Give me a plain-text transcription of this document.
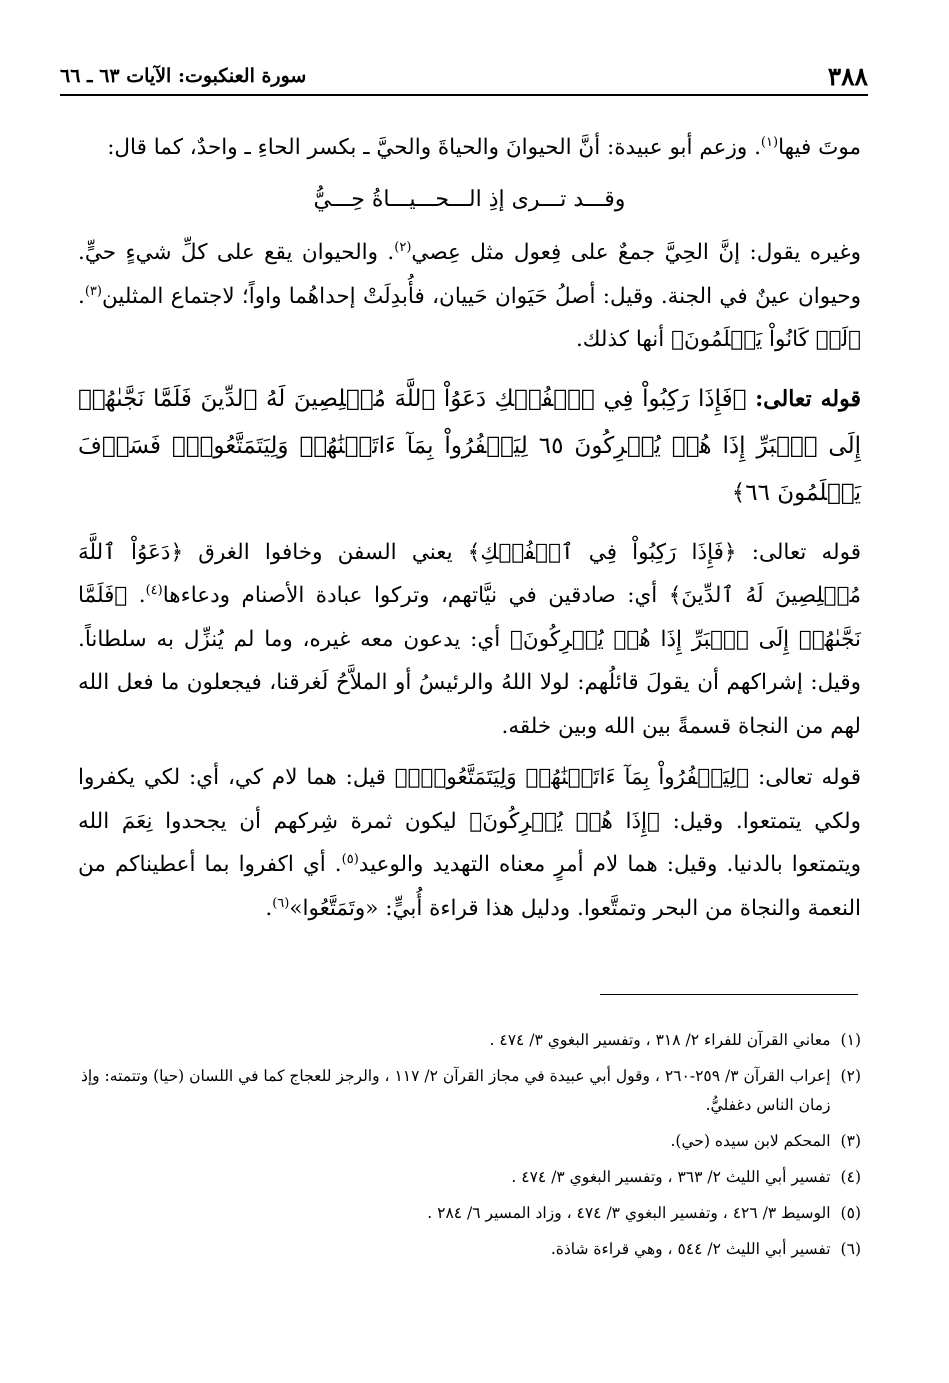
٣٨٨
سورة العنكبوت: الآيات ٦٣ ـ ٦٦

موتَ فيها$^{(١)}$. وزعم أبو عبيدة: أنَّ الحيوانَ والحياةَ والحيَّ ـ بكسر الحاءِ ـ واحدٌ، كما قال:

وقـــد تـــرى إذِ الـــحـــيـــاةُ حِـــيُّ

وغيره يقول: إنَّ الحِيَّ جمعٌ على فِعول مثل عِصي$^{(٢)}$. والحيوان يقع على كلِّ شيءٍ حيٍّ. وحيوان عينٌ في الجنة. وقيل: أصلُ حَيَوان حَييان، فأُبدِلَتْ إحداهُما واواً؛ لاجتماع المثلين$^{(٣)}$. ﴿لَوۡ كَانُواْ يَعۡلَمُونَ﴾ أنها كذلك.

قوله تعالى: ﴿فَإِذَا رَكِبُواْ فِي ٱلۡفُلۡكِ دَعَوُاْ ٱللَّهَ مُخۡلِصِينَ لَهُ ٱلدِّينَ فَلَمَّا نَجَّىٰهُمۡ إِلَى ٱلۡبَرِّ إِذَا هُمۡ يُشۡرِكُونَ ٦٥ لِيَكۡفُرُواْ بِمَآ ءَاتَيۡنَٰهُمۡ وَلِيَتَمَتَّعُواْۚ فَسَوۡفَ يَعۡلَمُونَ ٦٦﴾

قوله تعالى: ﴿فَإِذَا رَكِبُواْ فِي ٱلۡفُلۡكِ﴾ يعني السفن وخافوا الغرق ﴿دَعَوُاْ ٱللَّهَ مُخۡلِصِينَ لَهُ ٱلدِّينَ﴾ أي: صادقين في نيَّاتهم، وتركوا عبادة الأصنام ودعاءها$^{(٤)}$. ﴿فَلَمَّا نَجَّىٰهُمۡ إِلَى ٱلۡبَرِّ إِذَا هُمۡ يُشۡرِكُونَ﴾ أي: يدعون معه غيره، وما لم يُنزِّل به سلطاناً. وقيل: إشراكهم أن يقولَ قائلُهم: لولا اللهُ والرئيسُ أو الملاَّحُ لَغرقنا، فيجعلون ما فعل الله لهم من النجاة قسمةً بين الله وبين خلقه.

قوله تعالى: ﴿لِيَكۡفُرُواْ بِمَآ ءَاتَيۡنَٰهُمۡ وَلِيَتَمَتَّعُواْۚ﴾ قيل: هما لام كي، أي: لكي يكفروا ولكي يتمتعوا. وقيل: ﴿إِذَا هُمۡ يُشۡرِكُونَ﴾ ليكون ثمرة شِركهم أن يجحدوا نِعَمَ الله ويتمتعوا بالدنيا. وقيل: هما لام أمرٍ معناه التهديد والوعيد$^{(٥)}$. أي اكفروا بما أعطيناكم من النعمة والنجاة من البحر وتمتَّعوا. ودليل هذا قراءة أُبيٍّ: «وتَمَتَّعُوا»$^{(٦)}$.

(١)
معاني القرآن للفراء ٢/ ٣١٨ ، وتفسير البغوي ٣/ ٤٧٤ .

(٢)
إعراب القرآن ٣/ ٢٥٩-٢٦٠ ، وقول أبي عبيدة في مجاز القرآن ٢/ ١١٧ ، والرجز للعجاج كما في اللسان (حيا) وتتمته: وإذ زمان الناس دغفليُّ.

(٣)
المحكم لابن سيده (حي).

(٤)
تفسير أبي الليث ٢/ ٣٦٣ ، وتفسير البغوي ٣/ ٤٧٤ .

(٥)
الوسيط ٣/ ٤٢٦ ، وتفسير البغوي ٣/ ٤٧٤ ، وزاد المسير ٦/ ٢٨٤ .

(٦)
تفسير أبي الليث ٢/ ٥٤٤ ، وهي قراءة شاذة.
